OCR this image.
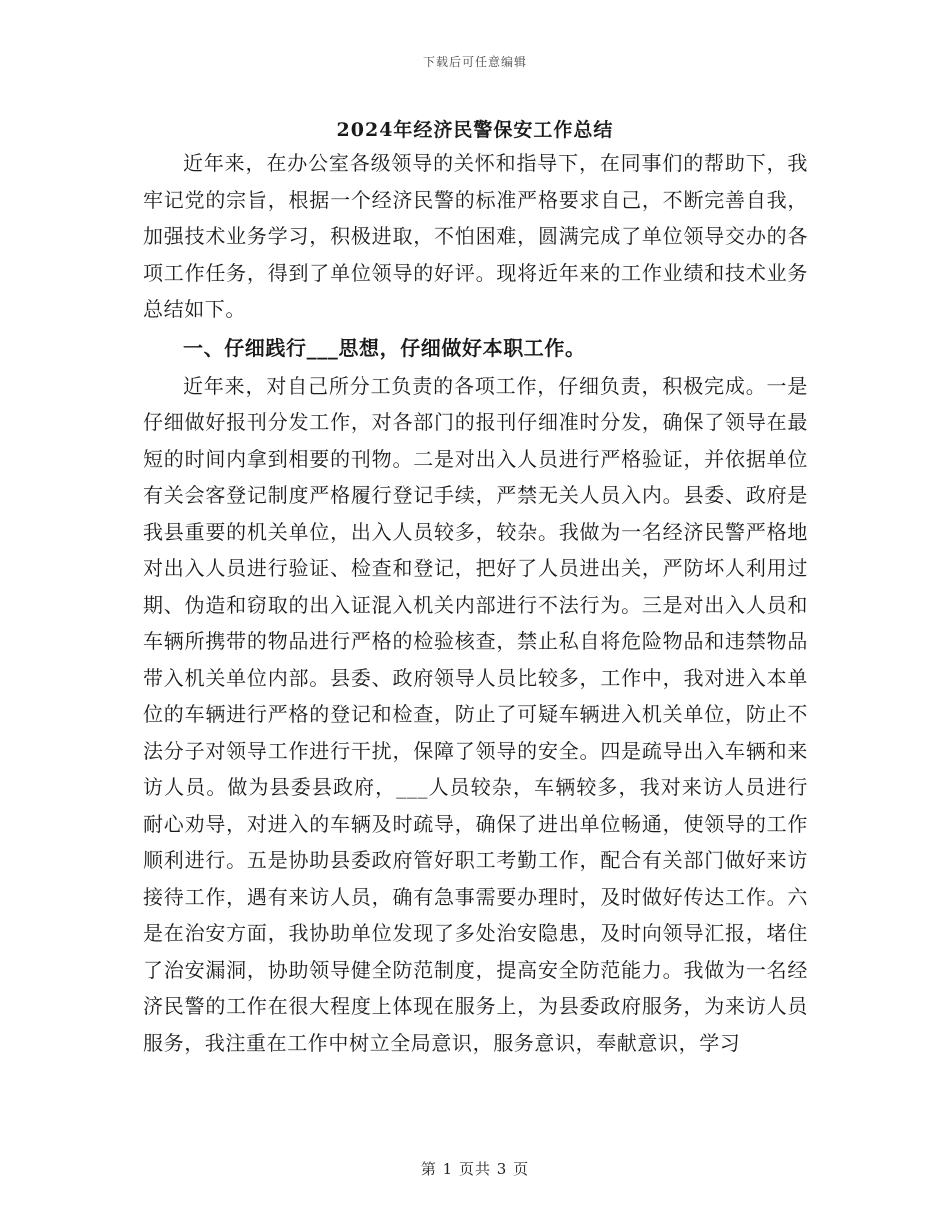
下载后可任意编辑
2024年经济民警保安工作总结

近年来，在办公室各级领导的关怀和指导下，在同事们的帮助下，我牢记党的宗旨，根据一个经济民警的标准严格要求自己，不断完善自我，加强技术业务学习，积极进取，不怕困难，圆满完成了单位领导交办的各项工作任务，得到了单位领导的好评。现将近年来的工作业绩和技术业务总结如下。

一、仔细践行___思想，仔细做好本职工作。

近年来，对自己所分工负责的各项工作，仔细负责，积极完成。一是仔细做好报刊分发工作，对各部门的报刊仔细准时分发，确保了领导在最短的时间内拿到相要的刊物。二是对出入人员进行严格验证，并依据单位有关会客登记制度严格履行登记手续，严禁无关人员入内。县委、政府是我县重要的机关单位，出入人员较多，较杂。我做为一名经济民警严格地对出入人员进行验证、检查和登记，把好了人员进出关，严防坏人利用过期、伪造和窃取的出入证混入机关内部进行不法行为。三是对出入人员和车辆所携带的物品进行严格的检验核查，禁止私自将危险物品和违禁物品带入机关单位内部。县委、政府领导人员比较多，工作中，我对进入本单位的车辆进行严格的登记和检查，防止了可疑车辆进入机关单位，防止不法分子对领导工作进行干扰，保障了领导的安全。四是疏导出入车辆和来访人员。做为县委县政府，___人员较杂，车辆较多，我对来访人员进行耐心劝导，对进入的车辆及时疏导，确保了进出单位畅通，使领导的工作顺利进行。五是协助县委政府管好职工考勤工作，配合有关部门做好来访接待工作，遇有来访人员，确有急事需要办理时，及时做好传达工作。六是在治安方面，我协助单位发现了多处治安隐患，及时向领导汇报，堵住了治安漏洞，协助领导健全防范制度，提高安全防范能力。我做为一名经济民警的工作在很大程度上体现在服务上，为县委政府服务，为来访人员服务，我注重在工作中树立全局意识，服务意识，奉献意识，学习

第 1 页共 3 页
